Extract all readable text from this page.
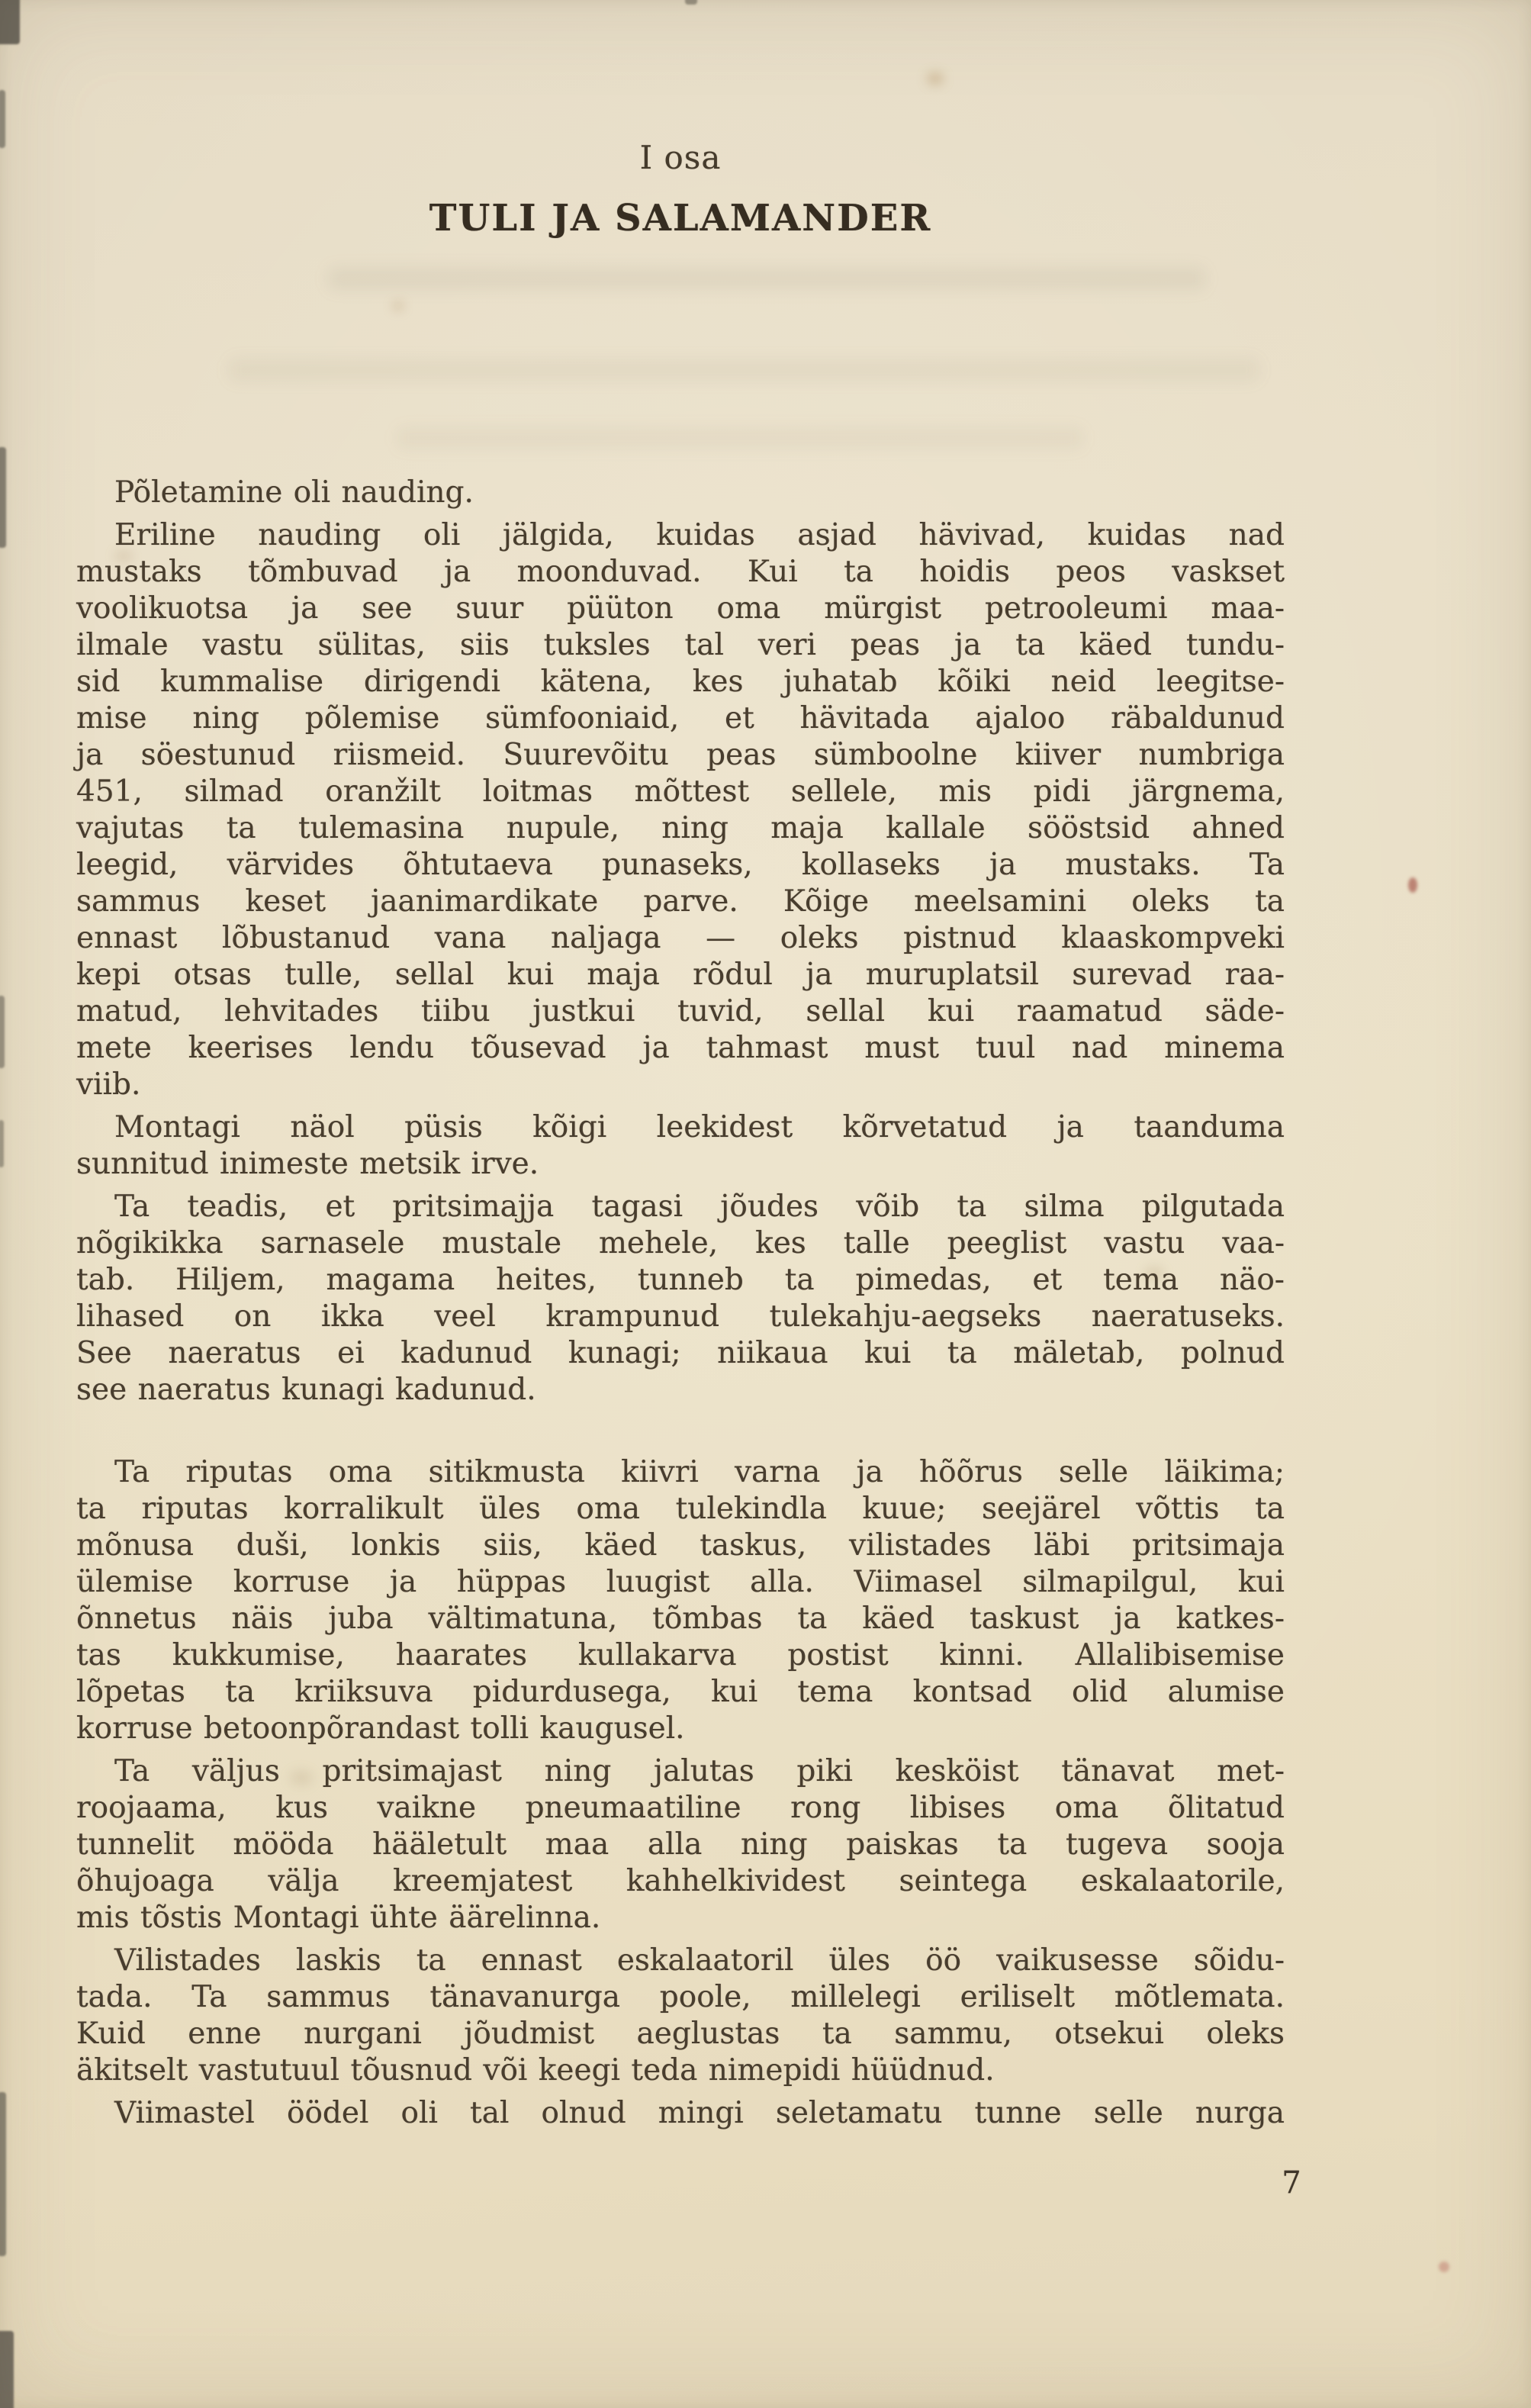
I osa
TULI JA SALAMANDER
Põletamine oli nauding.
Eriline nauding oli jälgida, kuidas asjad hävivad, kuidas nad
mustaks tõmbuvad ja moonduvad. Kui ta hoidis peos vaskset
voolikuotsa ja see suur püüton oma mürgist petrooleumi maa-
ilmale vastu sülitas, siis tuksles tal veri peas ja ta käed tundu-
sid kummalise dirigendi kätena, kes juhatab kõiki neid leegitse-
mise ning põlemise sümfooniaid, et hävitada ajaloo räbaldunud
ja söestunud riismeid. Suurevõitu peas sümboolne kiiver numbriga
451, silmad oranžilt loitmas mõttest sellele, mis pidi järgnema,
vajutas ta tulemasina nupule, ning maja kallale sööstsid ahned
leegid, värvides õhtutaeva punaseks, kollaseks ja mustaks. Ta
sammus keset jaanimardikate parve. Kõige meelsamini oleks ta
ennast lõbustanud vana naljaga — oleks pistnud klaaskompveki
kepi otsas tulle, sellal kui maja rõdul ja muruplatsil surevad raa-
matud, lehvitades tiibu justkui tuvid, sellal kui raamatud säde-
mete keerises lendu tõusevad ja tahmast must tuul nad minema
viib.
Montagi näol püsis kõigi leekidest kõrvetatud ja taanduma
sunnitud inimeste metsik irve.
Ta teadis, et pritsimajja tagasi jõudes võib ta silma pilgutada
nõgikikka sarnasele mustale mehele, kes talle peeglist vastu vaa-
tab. Hiljem, magama heites, tunneb ta pimedas, et tema näo-
lihased on ikka veel krampunud tulekahju-aegseks naeratuseks.
See naeratus ei kadunud kunagi; niikaua kui ta mäletab, polnud
see naeratus kunagi kadunud.
Ta riputas oma sitikmusta kiivri varna ja hõõrus selle läikima;
ta riputas korralikult üles oma tulekindla kuue; seejärel võttis ta
mõnusa duši, lonkis siis, käed taskus, vilistades läbi pritsimaja
ülemise korruse ja hüppas luugist alla. Viimasel silmapilgul, kui
õnnetus näis juba vältimatuna, tõmbas ta käed taskust ja katkes-
tas kukkumise, haarates kullakarva postist kinni. Allalibisemise
lõpetas ta kriiksuva pidurdusega, kui tema kontsad olid alumise
korruse betoonpõrandast tolli kaugusel.
Ta väljus pritsimajast ning jalutas piki kesköist tänavat met-
roojaama, kus vaikne pneumaatiline rong libises oma õlitatud
tunnelit mööda hääletult maa alla ning paiskas ta tugeva sooja
õhujoaga välja kreemjatest kahhelkividest seintega eskalaatorile,
mis tõstis Montagi ühte äärelinna.
Vilistades laskis ta ennast eskalaatoril üles öö vaikusesse sõidu-
tada. Ta sammus tänavanurga poole, millelegi eriliselt mõtlemata.
Kuid enne nurgani jõudmist aeglustas ta sammu, otsekui oleks
äkitselt vastutuul tõusnud või keegi teda nimepidi hüüdnud.
Viimastel öödel oli tal olnud mingi seletamatu tunne selle nurga
7
